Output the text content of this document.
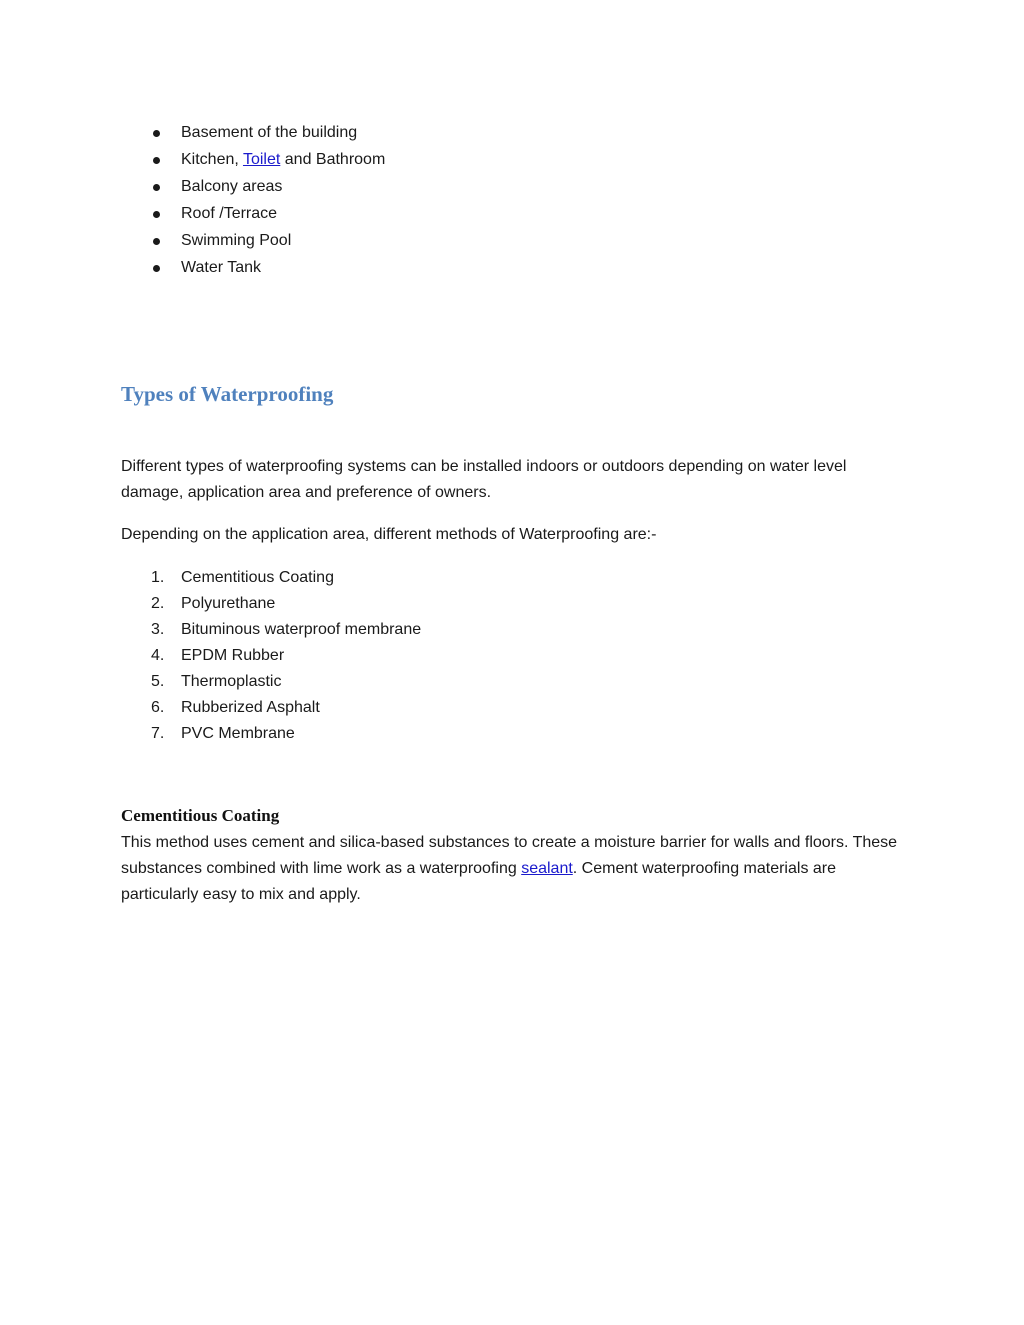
Basement of the building
Kitchen, Toilet and Bathroom
Balcony areas
Roof /Terrace
Swimming Pool
Water Tank
Types of Waterproofing

Different types of waterproofing systems can be installed indoors or outdoors depending on water level damage, application area and preference of owners.

Depending on the application area, different methods of Waterproofing are:-

1. Cementitious Coating
2. Polyurethane
3. Bituminous waterproof membrane
4. EPDM Rubber
5. Thermoplastic
6. Rubberized Asphalt
7. PVC Membrane
Cementitious Coating

This method uses cement and silica-based substances to create a moisture barrier for walls and floors. These substances combined with lime work as a waterproofing sealant. Cement waterproofing materials are particularly easy to mix and apply.
